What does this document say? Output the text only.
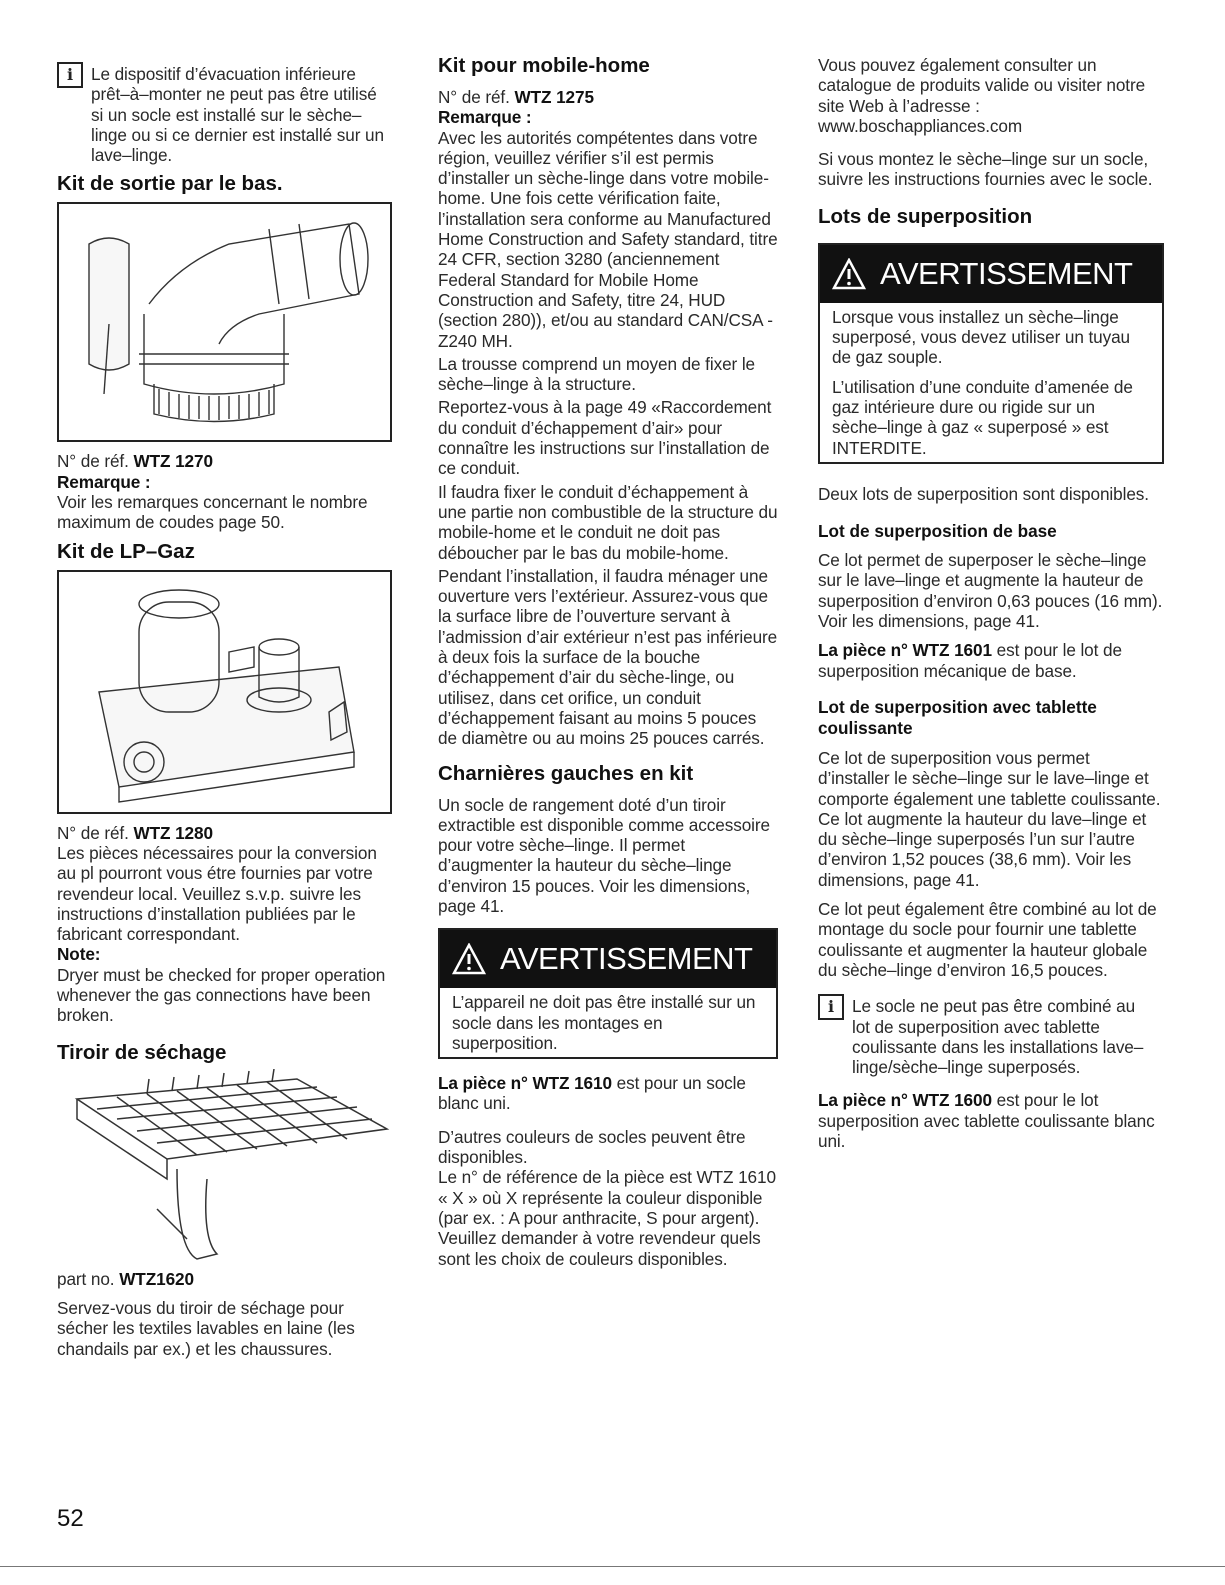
i	Le dispositif d’évacuation inférieure prêt–à–monter ne peut pas être utilisé si un socle est installé sur le sèche–linge ou si ce dernier est installé sur un lave–linge.

Kit de sortie par le bas.

N° de réf. WTZ 1270

Remarque :

Voir les remarques concernant le nombre maximum de coudes page 50.

Kit de LP–Gaz

N° de réf. WTZ 1280

Les pièces nécessaires pour la conversion au pl pourront vous étre fournies par votre revendeur local. Veuillez s.v.p. suivre les instructions d’installation publiées par le fabricant correspondant.

Note:

Dryer must be checked for proper operation whenever the gas connections have been broken.

Tiroir de séchage

part no. WTZ1620

Servez-vous du tiroir de séchage pour sécher les textiles lavables en laine (les chandails par ex.) et les chaussures.

Kit pour mobile-home

N° de réf. WTZ 1275

Remarque :

Avec les autorités compétentes dans votre région, veuillez vérifier s’il est permis d’installer un sèche-linge dans votre mobile-home. Une fois cette vérification faite, l’installation sera conforme au Manufactured Home Construction and Safety standard, titre 24 CFR, section 3280 (anciennement Federal Standard for Mobile Home Construction and Safety, titre 24, HUD (section 280)), et/ou au standard CAN/CSA - Z240 MH.

La trousse comprend un moyen de fixer le sèche–linge à la structure.

Reportez-vous à la page 49 «Raccordement du conduit d’échappement d’air» pour connaître les instructions sur l’installation de ce conduit.

Il faudra fixer le conduit d’échappement à une partie non combustible de la structure du mobile-home et le conduit ne doit pas déboucher par le bas du mobile-home.

Pendant l’installation, il faudra ménager une ouverture vers l’extérieur. Assurez-vous que la surface libre de l’ouverture servant à l’admission d’air extérieur n’est pas inférieure à deux fois la surface de la bouche d’échappement d’air du sèche-linge, ou utilisez, dans cet orifice, un conduit d’échappement faisant au moins 5 pouces de diamètre ou au moins 25 pouces carrés.

Charnières gauches en kit

Un socle de rangement doté d’un tiroir extractible est disponible comme accessoire pour votre sèche–linge. Il permet d’augmenter la hauteur du sèche–linge d’environ 15 pouces. Voir les dimensions, page 41.

AVERTISSEMENT

L’appareil ne doit pas être installé sur un socle dans les montages en superposition.

La pièce n° WTZ 1610 est pour un socle blanc uni.

D’autres couleurs de socles peuvent être disponibles.

Le n° de référence de la pièce est WTZ 1610 « X » où X représente la couleur disponible (par ex. : A pour anthracite, S pour argent). Veuillez demander à votre revendeur quels sont les choix de couleurs disponibles.

Vous pouvez également consulter un catalogue de produits valide ou visiter notre site Web à l’adresse : www.boschappliances.com

Si vous montez le sèche–linge sur un socle, suivre les instructions fournies avec le socle.

Lots de superposition
AVERTISSEMENT

Lorsque vous installez un sèche–linge superposé, vous devez utiliser un tuyau de gaz souple.

L’utilisation d’une conduite d’amenée de gaz intérieure dure ou rigide sur un sèche–linge à gaz « superposé » est INTERDITE.

Deux lots de superposition sont disponibles.

Lot de superposition de base

Ce lot permet de superposer le sèche–linge sur le lave–linge et augmente la hauteur de superposition d’environ 0,63 pouces (16 mm). Voir les dimensions, page 41.

La pièce n° WTZ 1601 est pour le lot de superposition mécanique de base.

Lot de superposition avec tablette coulissante

Ce lot de superposition vous permet d’installer le sèche–linge sur le lave–linge et comporte également une tablette coulissante. Ce lot augmente la hauteur du lave–linge et du sèche–linge superposés l’un sur l’autre d’environ 1,52 pouces (38,6 mm). Voir les dimensions, page 41.

Ce lot peut également être combiné au lot de montage du socle pour fournir une tablette coulissante et augmenter la hauteur globale du sèche–linge d’environ 16,5 pouces.

i	Le socle ne peut pas être combiné au lot de superposition avec tablette coulissante dans les installations lave–linge/sèche–linge superposés.

La pièce n° WTZ 1600 est pour le lot superposition avec tablette coulissante blanc uni.

52
